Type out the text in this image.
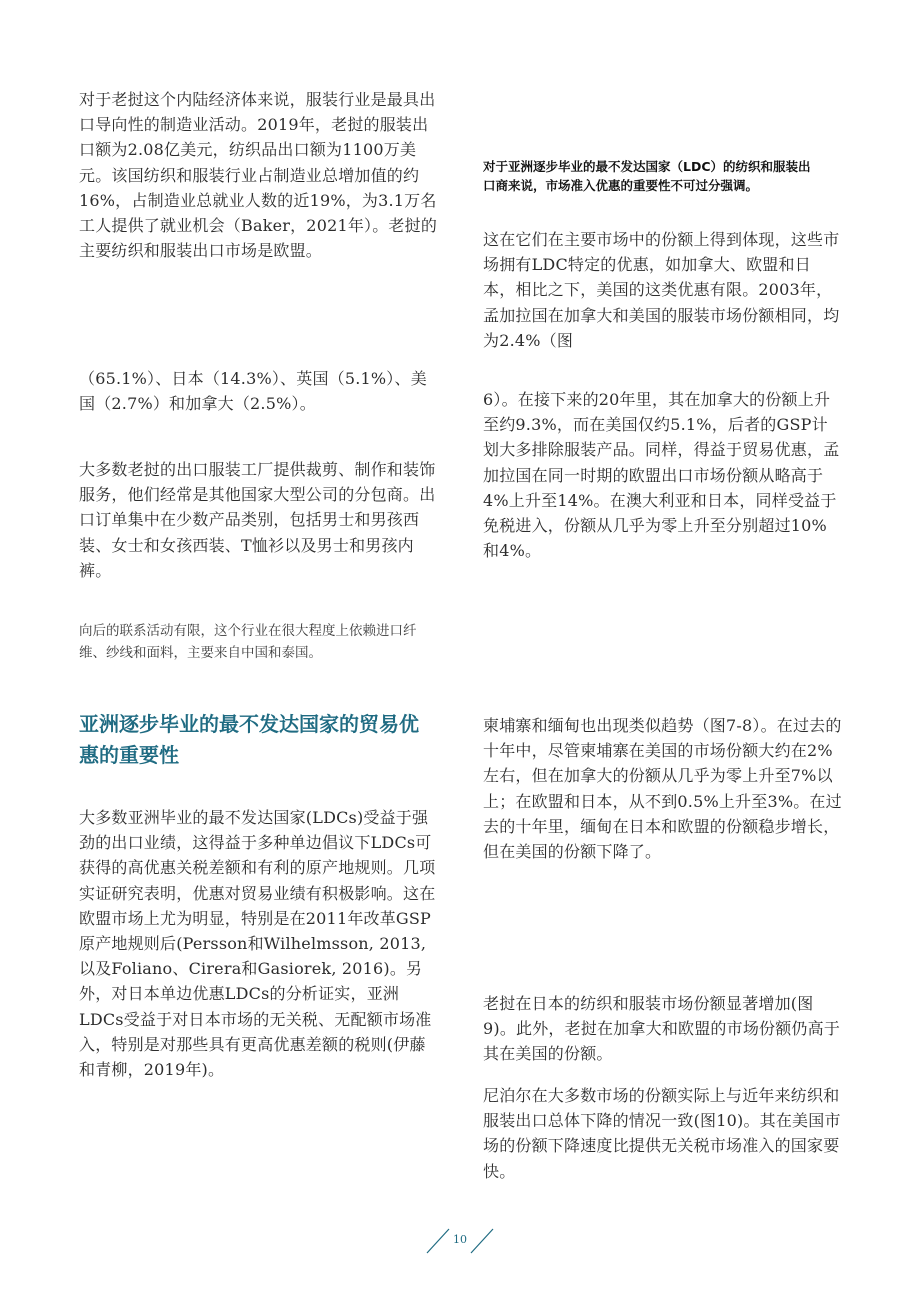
对于老挝这个内陆经济体来说，服装行业是最具出口导向性的制造业活动。2019年，老挝的服装出口额为2.08亿美元，纺织品出口额为1100万美元。该国纺织和服装行业占制造业总增加值的约16%，占制造业总就业人数的近19%，为3.1万名工人提供了就业机会（Baker，2021年）。老挝的主要纺织和服装出口市场是欧盟。

（65.1%）、日本（14.3%）、英国（5.1%）、美国（2.7%）和加拿大（2.5%）。

大多数老挝的出口服装工厂提供裁剪、制作和装饰服务，他们经常是其他国家大型公司的分包商。出口订单集中在少数产品类别，包括男士和男孩西装、女士和女孩西装、T恤衫以及男士和男孩内裤。

向后的联系活动有限，这个行业在很大程度上依赖进口纤维、纱线和面料，主要来自中国和泰国。

亚洲逐步毕业的最不发达国家的贸易优惠的重要性

大多数亚洲毕业的最不发达国家(LDCs)受益于强劲的出口业绩，这得益于多种单边倡议下LDCs可获得的高优惠关税差额和有利的原产地规则。几项实证研究表明，优惠对贸易业绩有积极影响。这在欧盟市场上尤为明显，特别是在2011年改革GSP原产地规则后(Persson和Wilhelmsson, 2013, 以及Foliano、Cirera和Gasiorek, 2016)。另外，对日本单边优惠LDCs的分析证实，亚洲LDCs受益于对日本市场的无关税、无配额市场准入，特别是对那些具有更高优惠差额的税则(伊藤和青柳，2019年)。

对于亚洲逐步毕业的最不发达国家（LDC）的纺织和服装出口商来说，市场准入优惠的重要性不可过分强调。

这在它们在主要市场中的份额上得到体现，这些市场拥有LDC特定的优惠，如加拿大、欧盟和日本，相比之下，美国的这类优惠有限。2003年，孟加拉国在加拿大和美国的服装市场份额相同，均为2.4%（图

6）。在接下来的20年里，其在加拿大的份额上升至约9.3%，而在美国仅约5.1%，后者的GSP计划大多排除服装产品。同样，得益于贸易优惠，孟加拉国在同一时期的欧盟出口市场份额从略高于4%上升至14%。在澳大利亚和日本，同样受益于免税进入，份额从几乎为零上升至分别超过10%和4%。

柬埔寨和缅甸也出现类似趋势（图7-8）。在过去的十年中，尽管柬埔寨在美国的市场份额大约在2%左右，但在加拿大的份额从几乎为零上升至7%以上；在欧盟和日本，从不到0.5%上升至3%。在过去的十年里，缅甸在日本和欧盟的份额稳步增长，但在美国的份额下降了。

老挝在日本的纺织和服装市场份额显著增加(图9)。此外，老挝在加拿大和欧盟的市场份额仍高于其在美国的份额。

尼泊尔在大多数市场的份额实际上与近年来纺织和服装出口总体下降的情况一致(图10)。其在美国市场的份额下降速度比提供无关税市场准入的国家要快。

10
